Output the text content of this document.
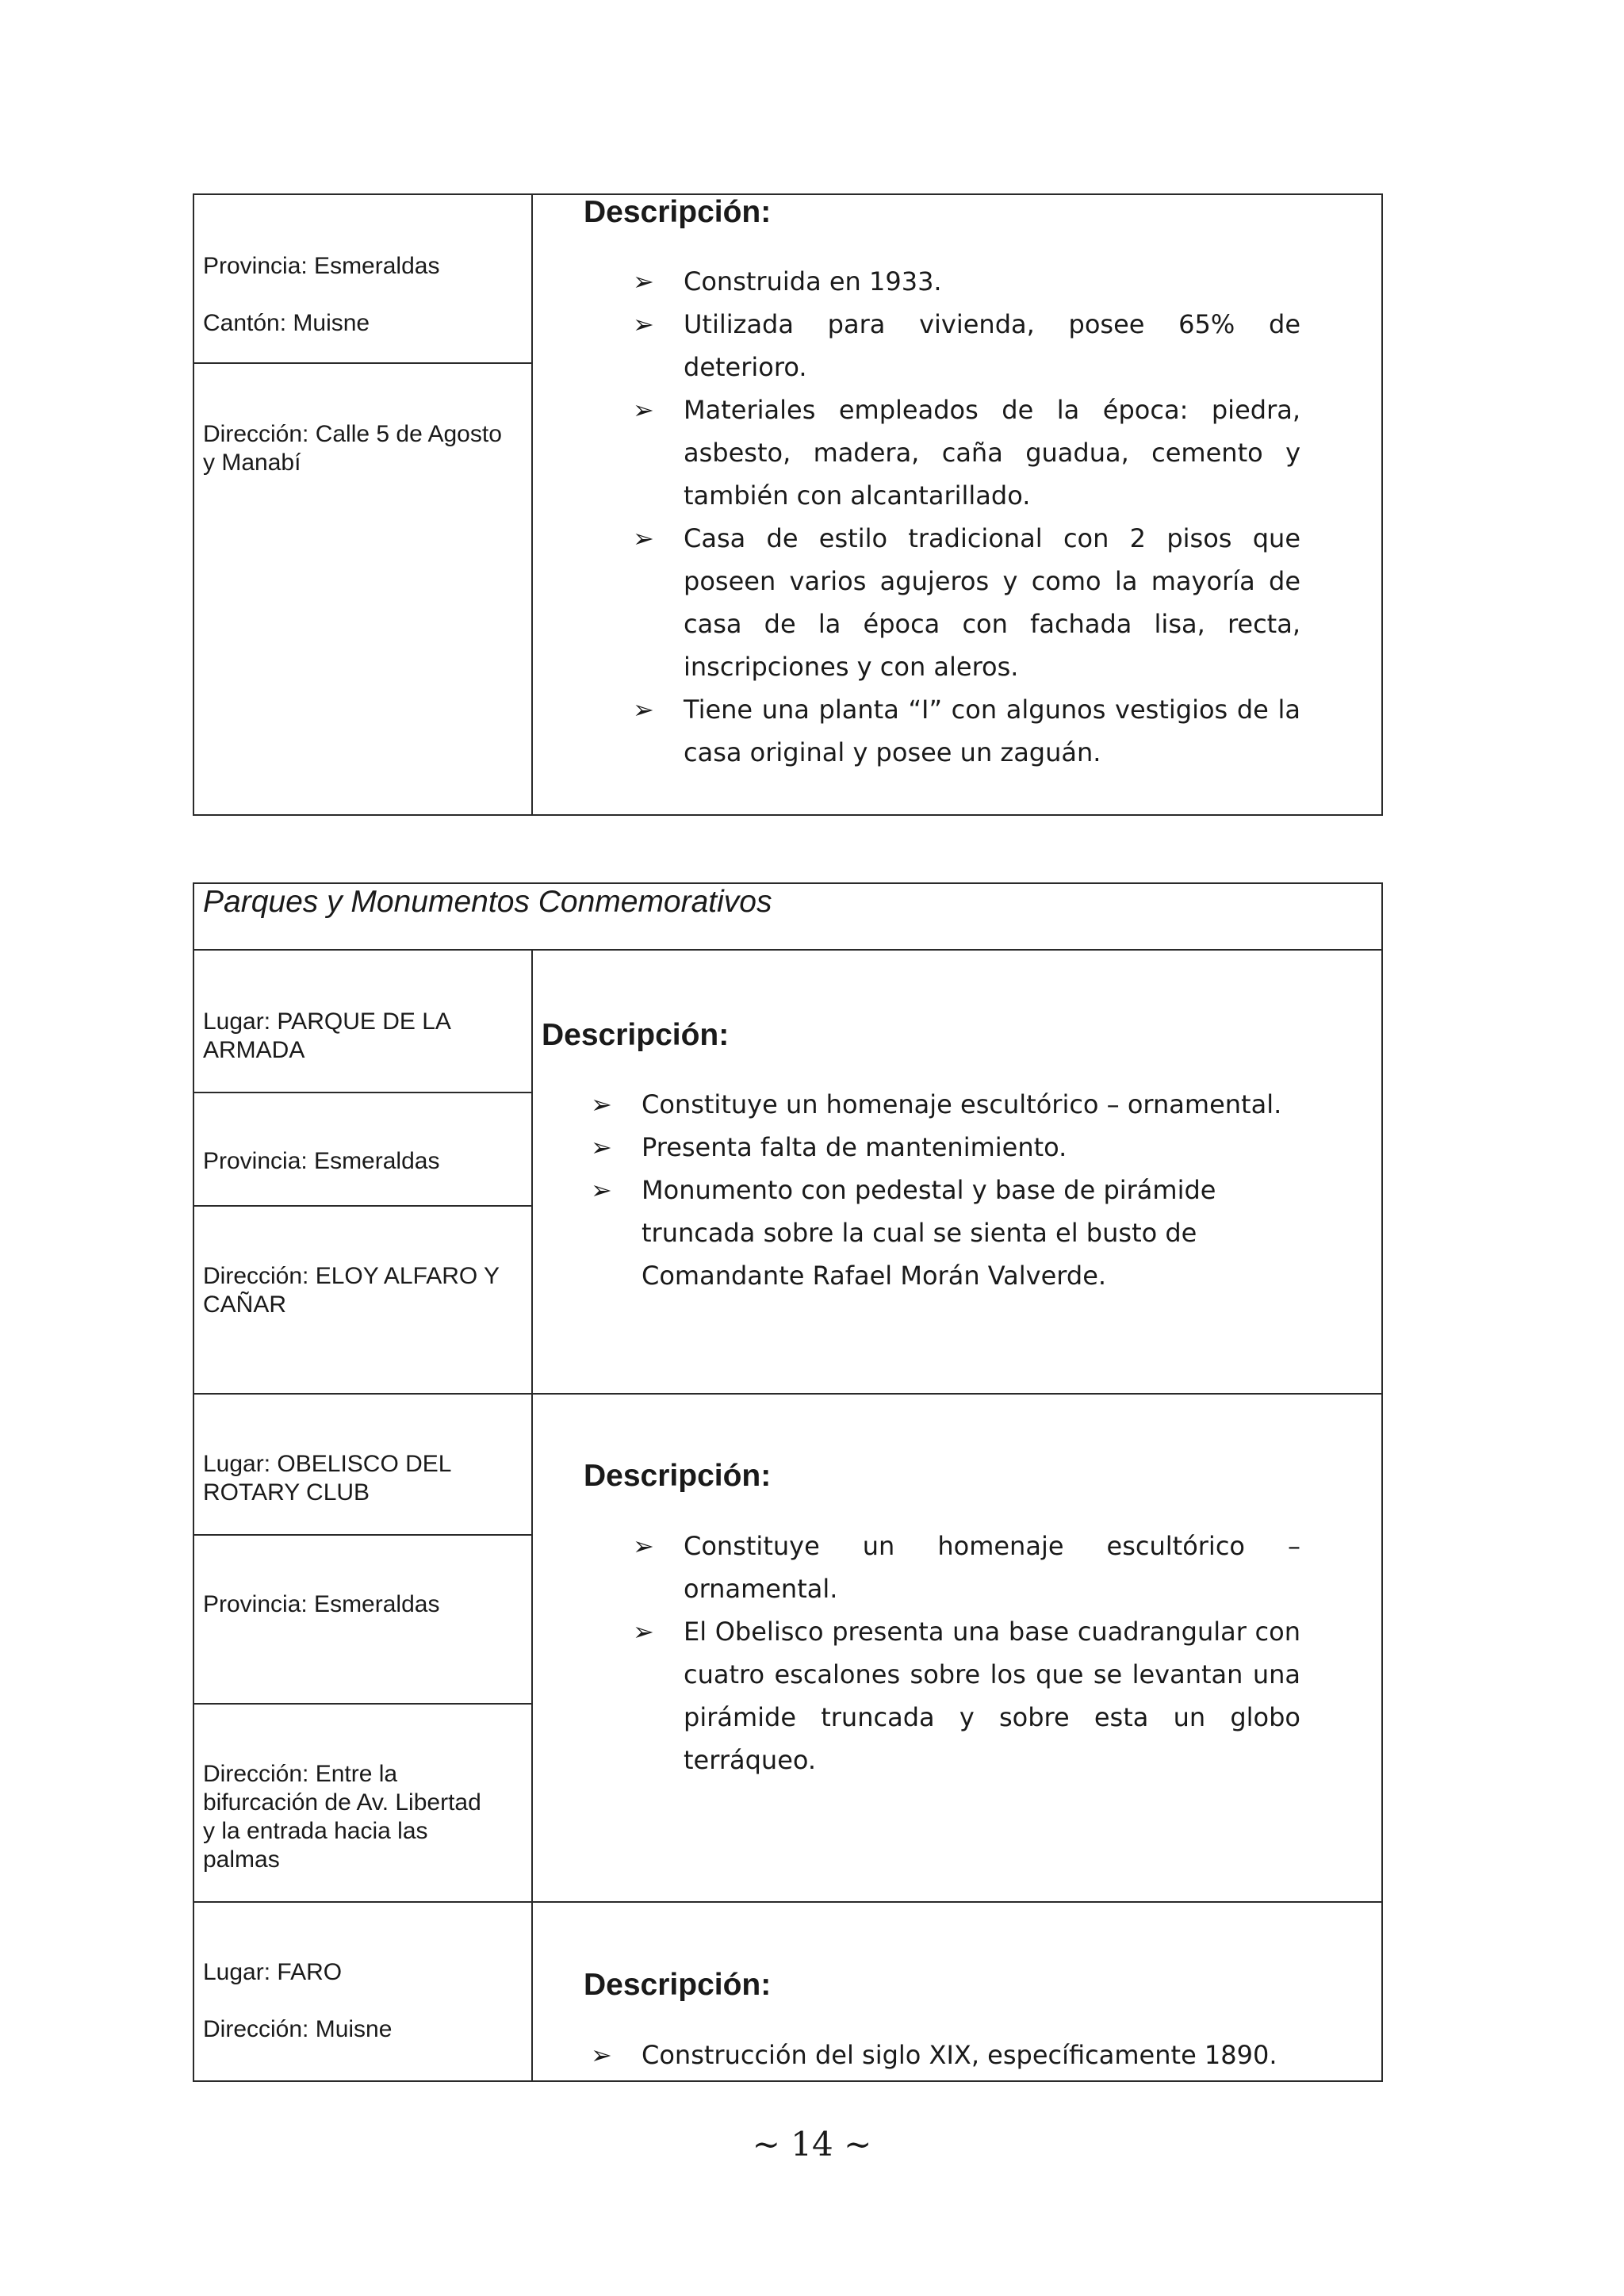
Provincia: Esmeraldas

Cantón: Muisne
Dirección: Calle 5 de Agosto
y Manabí
Descripción:
➢ Construida en 1933.
➢ Utilizada para vivienda, posee 65% de deterioro.
➢ Materiales empleados de la época: piedra, asbesto, madera, caña guadua, cemento y también con alcantarillado.
➢ Casa de estilo tradicional con 2 pisos que poseen varios agujeros y como la mayoría de casa de la época con fachada lisa, recta, inscripciones y con aleros.
➢ Tiene una planta “I” con algunos vestigios de la casa original y posee un zaguán.
Parques y Monumentos Conmemorativos
Lugar: PARQUE DE LA
ARMADA
Provincia: Esmeraldas
Dirección: ELOY ALFARO Y
CAÑAR
Descripción:
➢ Constituye un homenaje escultórico – ornamental.
➢ Presenta falta de mantenimiento.
➢ Monumento con pedestal y base de pirámide truncada sobre la cual se sienta el busto de Comandante Rafael Morán Valverde.
Lugar: OBELISCO DEL
ROTARY CLUB
Provincia: Esmeraldas
Dirección: Entre la
bifurcación de Av. Libertad
y la entrada hacia las
palmas
Descripción:
➢ Constituye un homenaje escultórico – ornamental.
➢ El Obelisco presenta una base cuadrangular con cuatro escalones sobre los que se levantan una pirámide truncada y sobre esta un globo terráqueo.
Lugar: FARO

Dirección: Muisne
Descripción:
➢ Construcción del siglo XIX, específicamente 1890.
~ 14 ~
